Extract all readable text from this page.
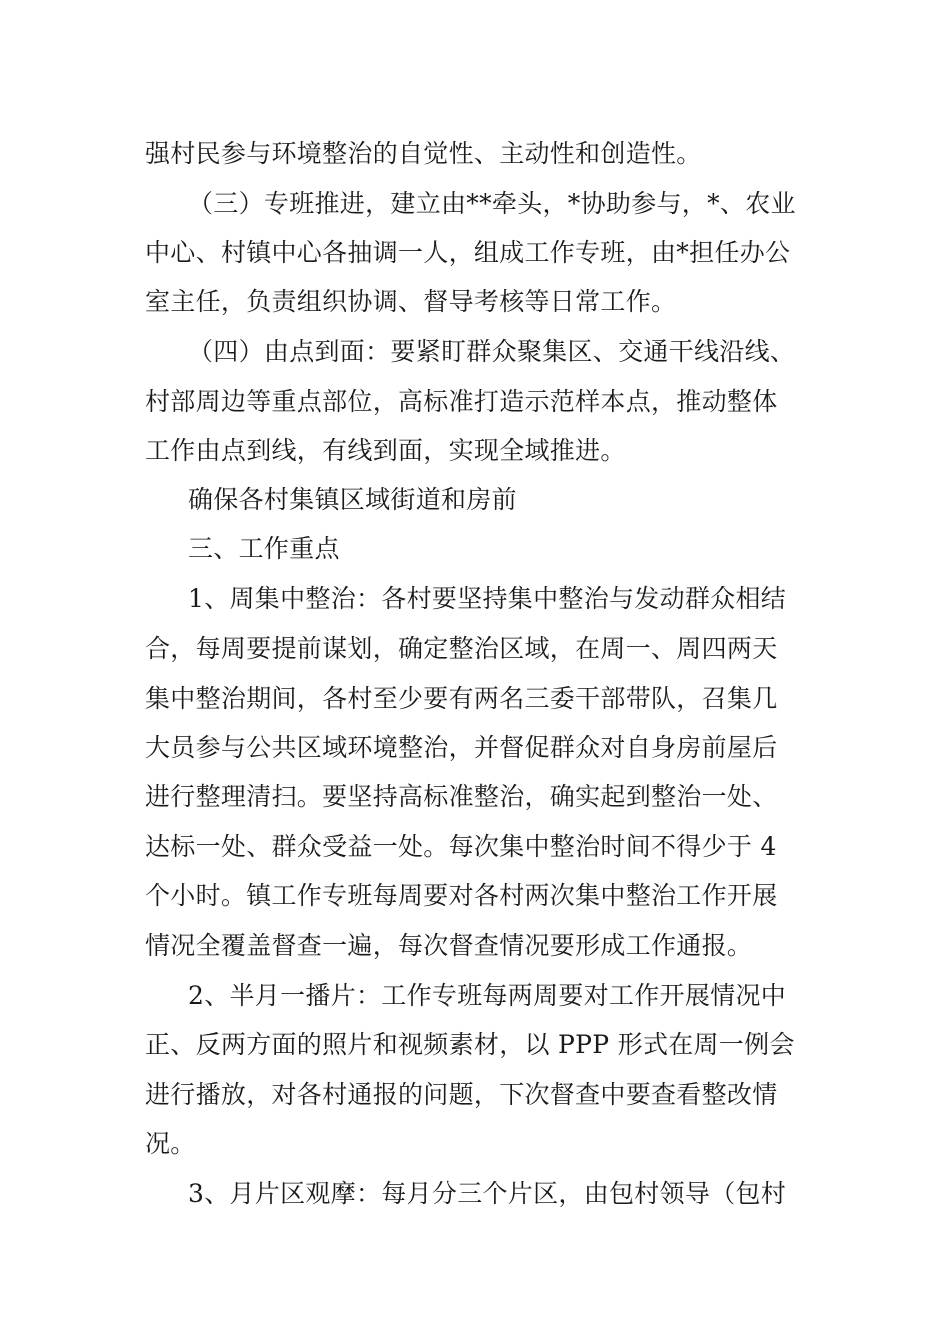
强村民参与环境整治的自觉性、主动性和创造性。
（三）专班推进，建立由**牵头，*协助参与，*、农业
中心、村镇中心各抽调一人，组成工作专班，由*担任办公
室主任，负责组织协调、督导考核等日常工作。
（四）由点到面：要紧盯群众聚集区、交通干线沿线、
村部周边等重点部位，高标准打造示范样本点，推动整体
工作由点到线，有线到面，实现全域推进。
确保各村集镇区域街道和房前
三、工作重点
1、周集中整治：各村要坚持集中整治与发动群众相结
合，每周要提前谋划，确定整治区域，在周一、周四两天
集中整治期间，各村至少要有两名三委干部带队，召集几
大员参与公共区域环境整治，并督促群众对自身房前屋后
进行整理清扫。要坚持高标准整治，确实起到整治一处、
达标一处、群众受益一处。每次集中整治时间不得少于 4
个小时。镇工作专班每周要对各村两次集中整治工作开展
情况全覆盖督查一遍，每次督查情况要形成工作通报。
2、半月一播片：工作专班每两周要对工作开展情况中
正、反两方面的照片和视频素材，以 PPP 形式在周一例会
进行播放，对各村通报的问题，下次督查中要查看整改情
况。
3、月片区观摩：每月分三个片区，由包村领导（包村
